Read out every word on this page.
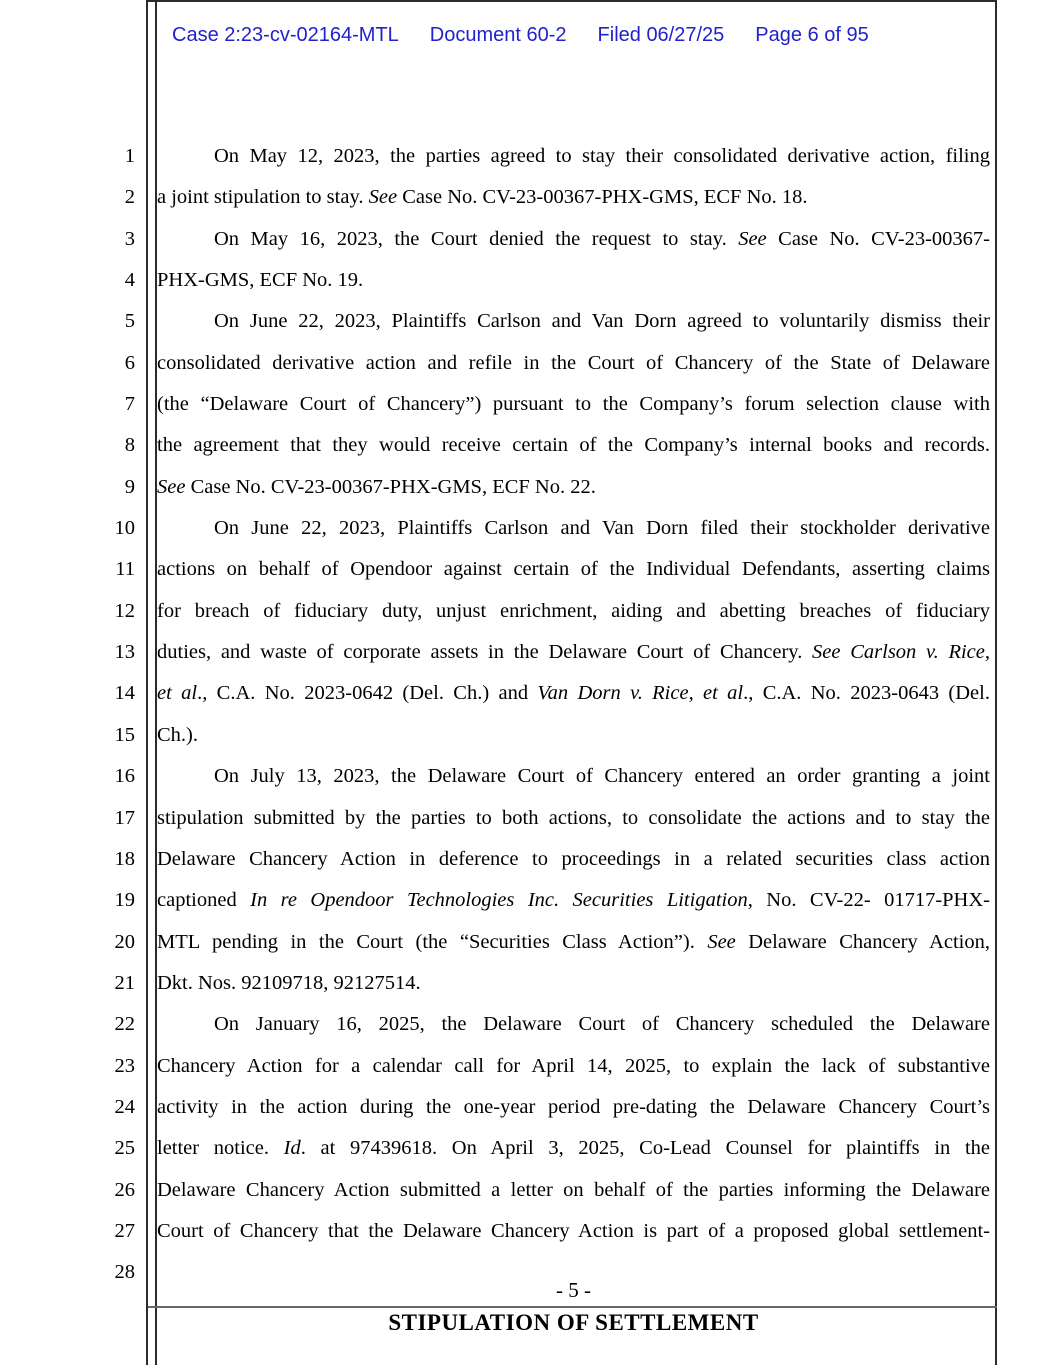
Case 2:23-cv-02164-MTL Document 60-2 Filed 06/27/25 Page 6 of 95
1	On May 12, 2023, the parties agreed to stay their consolidated derivative action, filing
2 a joint stipulation to stay. See Case No. CV-23-00367-PHX-GMS, ECF No. 18.
3	On May 16, 2023, the Court denied the request to stay. See Case No. CV-23-00367-
4 PHX-GMS, ECF No. 19.
5	On June 22, 2023, Plaintiffs Carlson and Van Dorn agreed to voluntarily dismiss their
6 consolidated derivative action and refile in the Court of Chancery of the State of Delaware
7 (the “Delaware Court of Chancery”) pursuant to the Company’s forum selection clause with
8 the agreement that they would receive certain of the Company’s internal books and records.
9 See Case No. CV-23-00367-PHX-GMS, ECF No. 22.
10	On June 22, 2023, Plaintiffs Carlson and Van Dorn filed their stockholder derivative
11 actions on behalf of Opendoor against certain of the Individual Defendants, asserting claims
12 for breach of fiduciary duty, unjust enrichment, aiding and abetting breaches of fiduciary
13 duties, and waste of corporate assets in the Delaware Court of Chancery. See Carlson v. Rice,
14 et al., C.A. No. 2023-0642 (Del. Ch.) and Van Dorn v. Rice, et al., C.A. No. 2023-0643 (Del.
15 Ch.).
16	On July 13, 2023, the Delaware Court of Chancery entered an order granting a joint
17 stipulation submitted by the parties to both actions, to consolidate the actions and to stay the
18 Delaware Chancery Action in deference to proceedings in a related securities class action
19 captioned In re Opendoor Technologies Inc. Securities Litigation, No. CV-22- 01717-PHX-
20 MTL pending in the Court (the “Securities Class Action”). See Delaware Chancery Action,
21 Dkt. Nos. 92109718, 92127514.
22	On January 16, 2025, the Delaware Court of Chancery scheduled the Delaware
23 Chancery Action for a calendar call for April 14, 2025, to explain the lack of substantive
24 activity in the action during the one-year period pre-dating the Delaware Chancery Court’s
25 letter notice. Id. at 97439618. On April 3, 2025, Co-Lead Counsel for plaintiffs in the
26 Delaware Chancery Action submitted a letter on behalf of the parties informing the Delaware
27 Court of Chancery that the Delaware Chancery Action is part of a proposed global settlement-
28
- 5 -
STIPULATION OF SETTLEMENT
